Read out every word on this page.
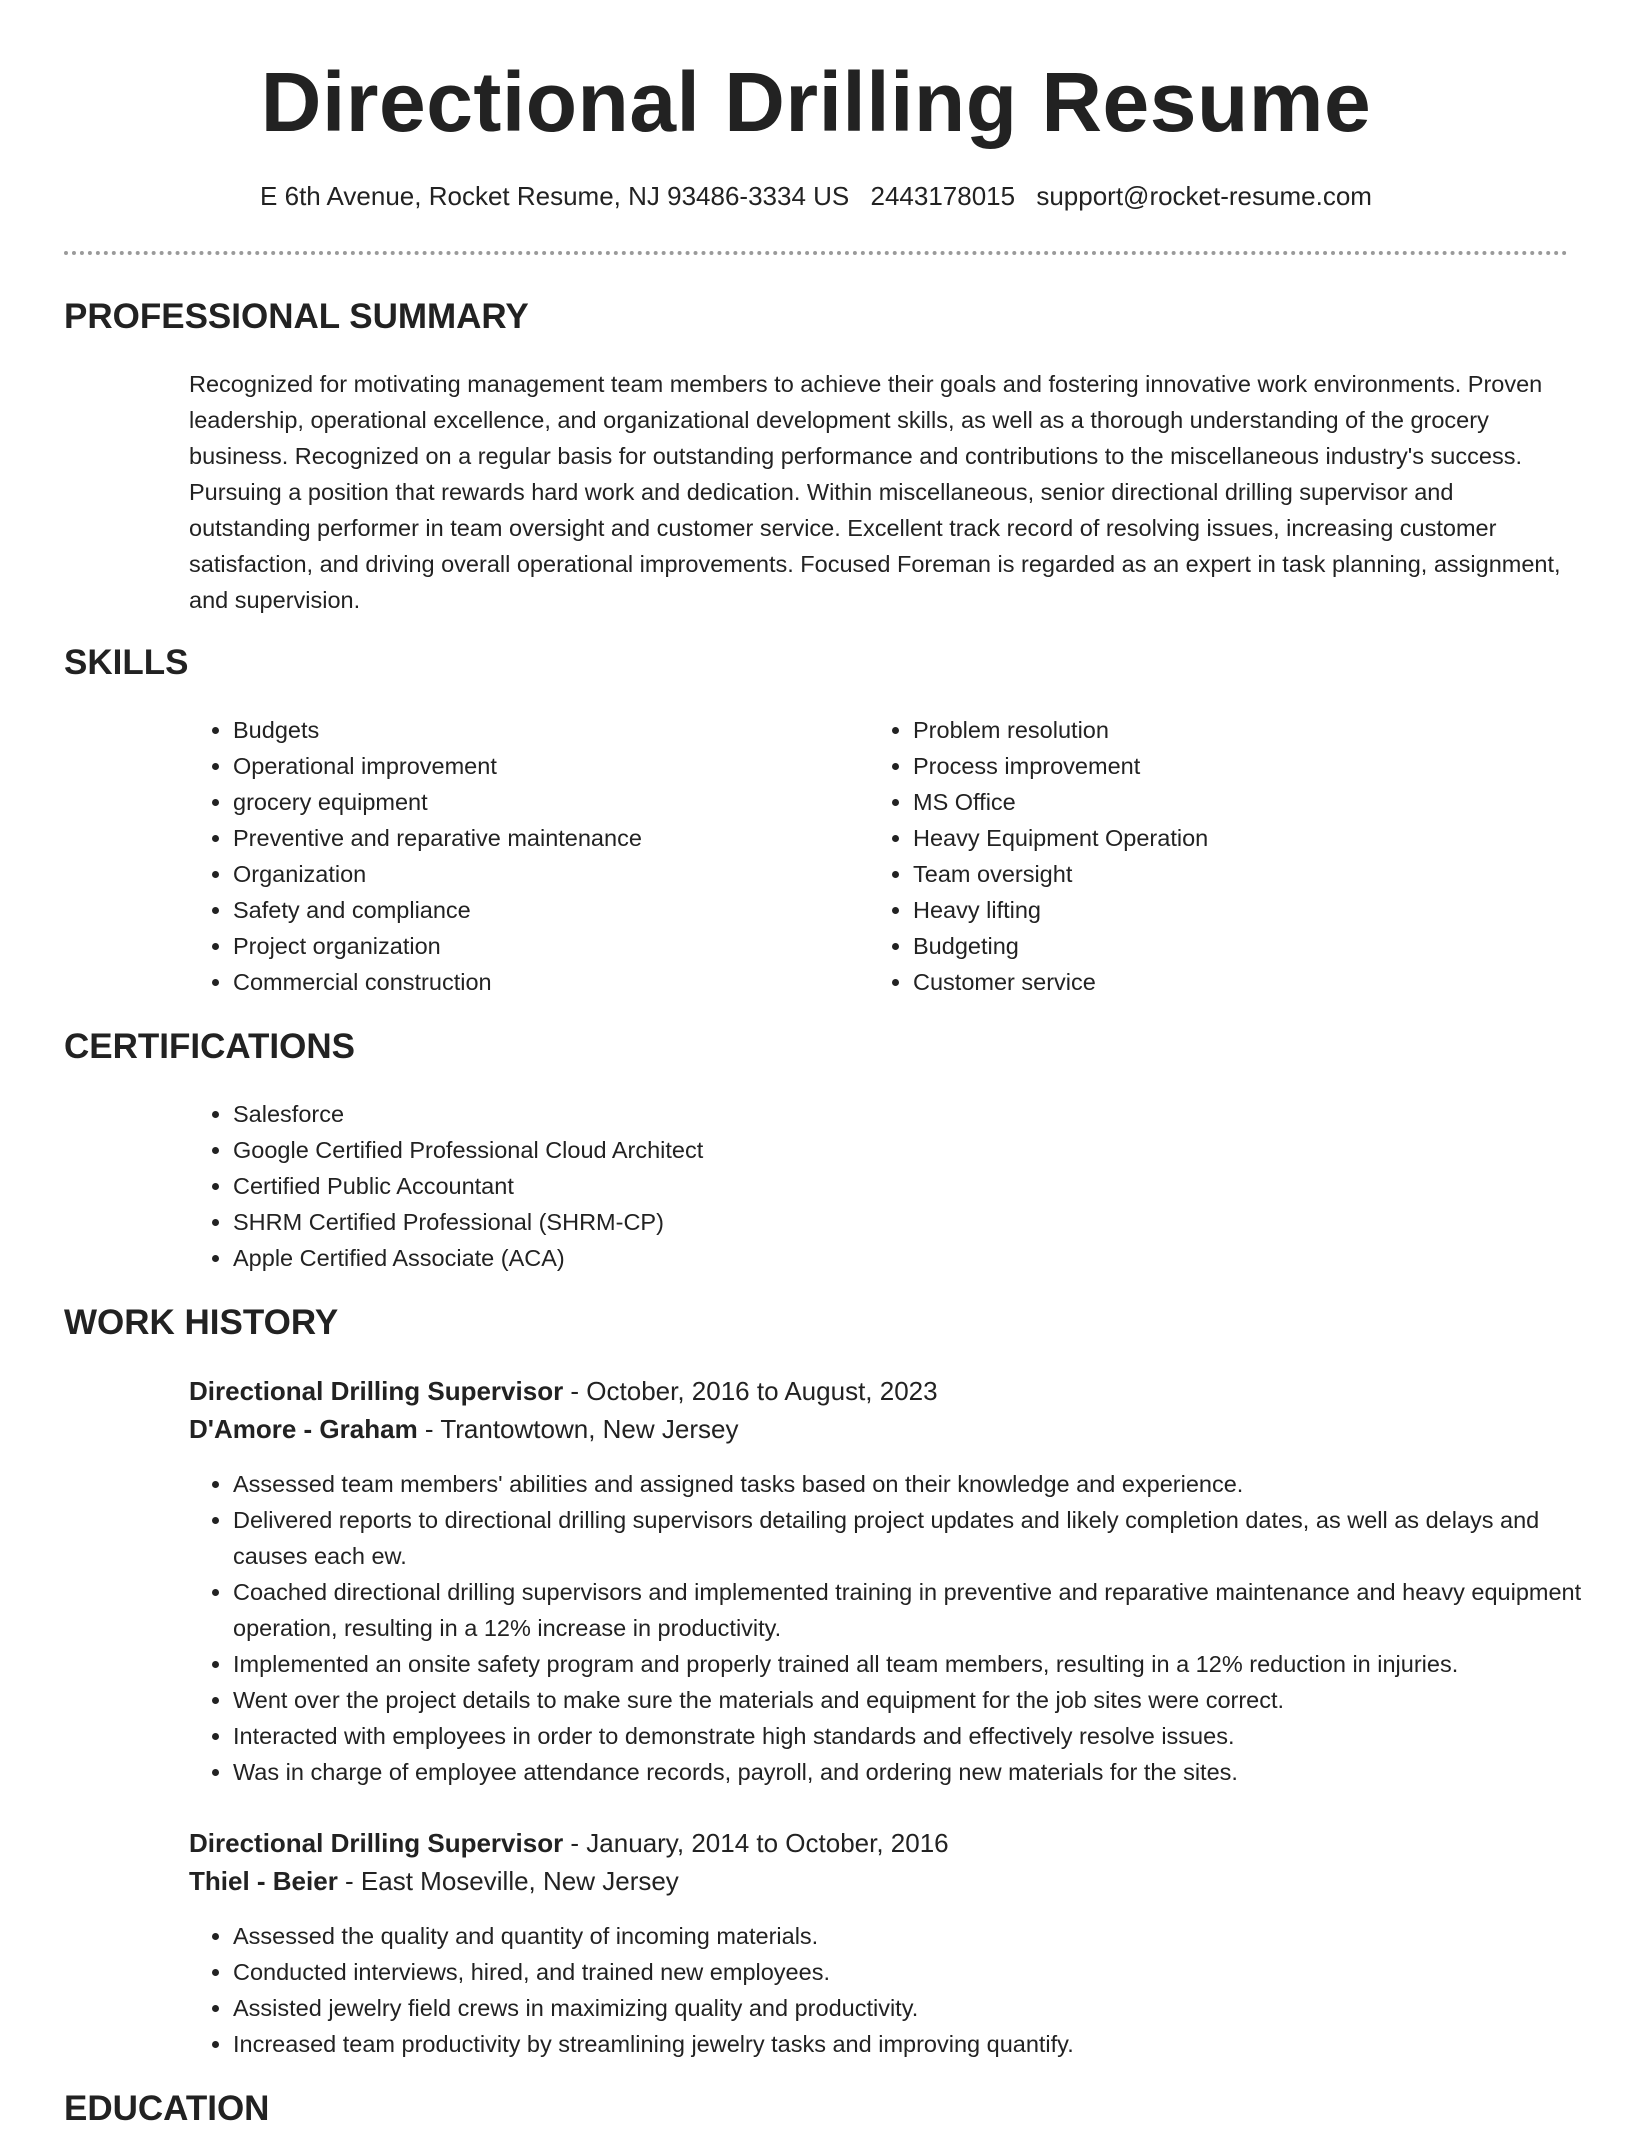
Directional Drilling Resume
E 6th Avenue, Rocket Resume, NJ 93486-3334 US 2443178015 support@rocket-resume.com
PROFESSIONAL SUMMARY

Recognized for motivating management team members to achieve their goals and fostering innovative work environments. Proven leadership, operational excellence, and organizational development skills, as well as a thorough understanding of the grocery business. Recognized on a regular basis for outstanding performance and contributions to the miscellaneous industry's success. Pursuing a position that rewards hard work and dedication. Within miscellaneous, senior directional drilling supervisor and outstanding performer in team oversight and customer service. Excellent track record of resolving issues, increasing customer satisfaction, and driving overall operational improvements. Focused Foreman is regarded as an expert in task planning, assignment, and supervision.

SKILLS
• Budgets
• Operational improvement
• grocery equipment
• Preventive and reparative maintenance
• Organization
• Safety and compliance
• Project organization
• Commercial construction
• Problem resolution
• Process improvement
• MS Office
• Heavy Equipment Operation
• Team oversight
• Heavy lifting
• Budgeting
• Customer service
CERTIFICATIONS
• Salesforce
• Google Certified Professional Cloud Architect
• Certified Public Accountant
• SHRM Certified Professional (SHRM-CP)
• Apple Certified Associate (ACA)
WORK HISTORY
Directional Drilling Supervisor - October, 2016 to August, 2023
D'Amore - Graham - Trantowtown, New Jersey
• Assessed team members' abilities and assigned tasks based on their knowledge and experience.
• Delivered reports to directional drilling supervisors detailing project updates and likely completion dates, as well as delays and causes each ew.
• Coached directional drilling supervisors and implemented training in preventive and reparative maintenance and heavy equipment operation, resulting in a 12% increase in productivity.
• Implemented an onsite safety program and properly trained all team members, resulting in a 12% reduction in injuries.
• Went over the project details to make sure the materials and equipment for the job sites were correct.
• Interacted with employees in order to demonstrate high standards and effectively resolve issues.
• Was in charge of employee attendance records, payroll, and ordering new materials for the sites.
Directional Drilling Supervisor - January, 2014 to October, 2016
Thiel - Beier - East Moseville, New Jersey
• Assessed the quality and quantity of incoming materials.
• Conducted interviews, hired, and trained new employees.
• Assisted jewelry field crews in maximizing quality and productivity.
• Increased team productivity by streamlining jewelry tasks and improving quantify.
EDUCATION
